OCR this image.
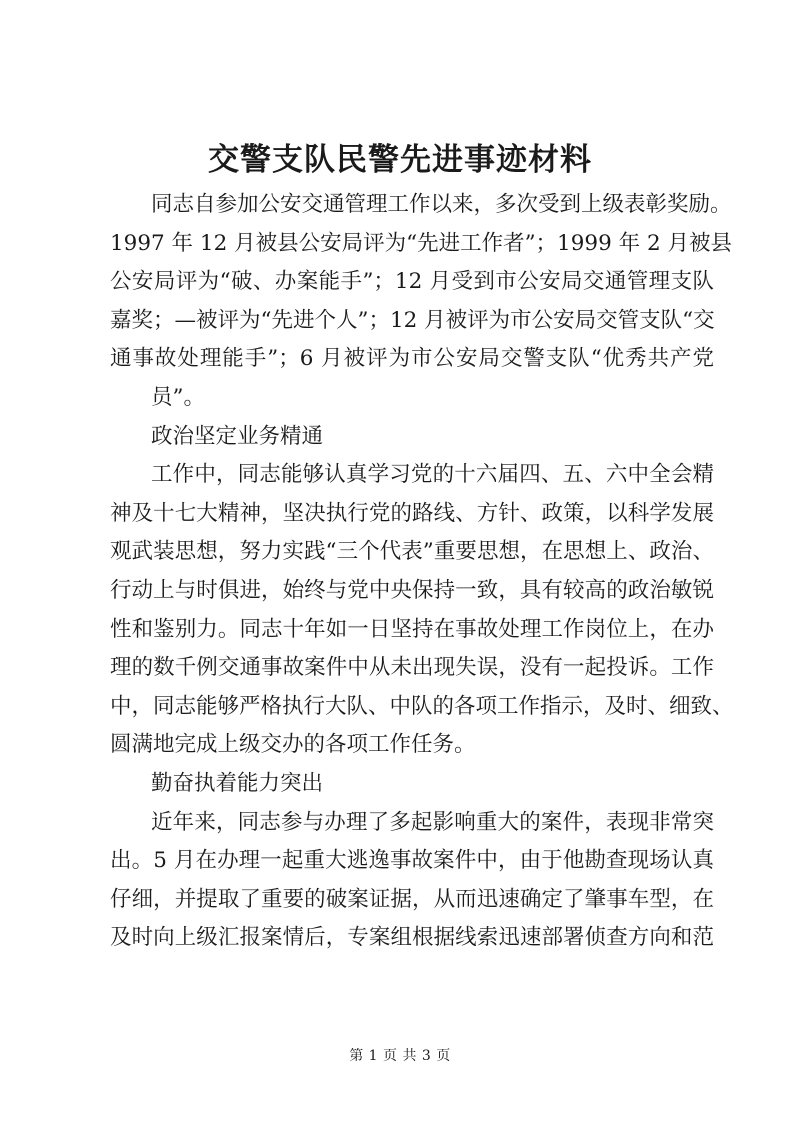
交警支队民警先进事迹材料
同志自参加公安交通管理工作以来，多次受到上级表彰奖励。
1997 年 12 月被县公安局评为“先进工作者”；1999 年 2 月被县
公安局评为“破、办案能手”；12 月受到市公安局交通管理支队
嘉奖；—被评为“先进个人”；12 月被评为市公安局交管支队“交
通事故处理能手”；6 月被评为市公安局交警支队“优秀共产党
员”。
政治坚定业务精通
工作中，同志能够认真学习党的十六届四、五、六中全会精
神及十七大精神，坚决执行党的路线、方针、政策，以科学发展
观武装思想，努力实践“三个代表”重要思想，在思想上、政治、
行动上与时俱进，始终与党中央保持一致，具有较高的政治敏锐
性和鉴别力。同志十年如一日坚持在事故处理工作岗位上，在办
理的数千例交通事故案件中从未出现失误，没有一起投诉。工作
中，同志能够严格执行大队、中队的各项工作指示，及时、细致、
圆满地完成上级交办的各项工作任务。
勤奋执着能力突出
近年来，同志参与办理了多起影响重大的案件，表现非常突
出。5 月在办理一起重大逃逸事故案件中，由于他勘查现场认真
仔细，并提取了重要的破案证据，从而迅速确定了肇事车型，在
及时向上级汇报案情后，专案组根据线索迅速部署侦查方向和范
第 1 页 共 3 页
